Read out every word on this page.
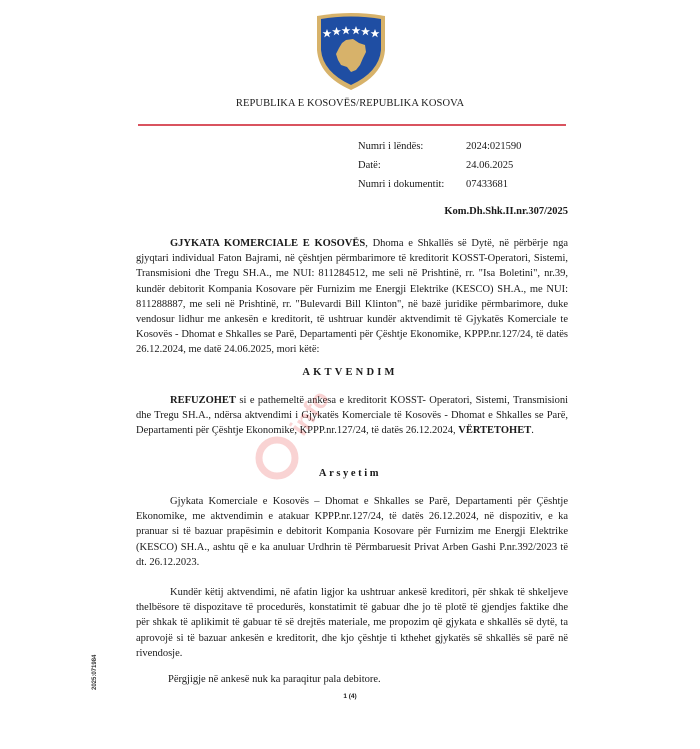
REPUBLIKA E KOSOVËS/REPUBLIKA KOSOVA
Numri i lëndës:	2024:021590
Datë:	24.06.2025
Numri i dokumentit:	07433681
Kom.Dh.Shk.II.nr.307/2025
GJYKATA KOMERCIALE E KOSOVËS, Dhoma e Shkallës së Dytë, në përbërje nga gjyqtari individual Faton Bajrami, në çështjen përmbarimore të kreditorit KOSST-Operatori, Sistemi, Transmisioni dhe Tregu SH.A., me NUI: 811284512, me seli në Prishtinë, rr. "Isa Boletini", nr.39, kundër debitorit Kompania Kosovare për Furnizim me Energji Elektrike (KESCO) SH.A., me NUI: 811288887, me seli në Prishtinë, rr. "Bulevardi Bill Klinton", në bazë juridike përmbarimore, duke vendosur lidhur me ankesën e kreditorit, të ushtruar kundër aktvendimit të Gjykatës Komerciale te Kosovës - Dhomat e Shkalles se Parë, Departamenti për Çështje Ekonomike, KPPP.nr.127/24, të datës 26.12.2024, me datë 24.06.2025, mori këtë:
AKTVENDIM
REFUZOHET si e pathemeltë ankesa e kreditorit KOSST- Operatori, Sistemi, Transmisioni dhe Tregu SH.A., ndërsa aktvendimi i Gjykatës Komerciale të Kosovës - Dhomat e Shkalles se Parë, Departamenti për Çështje Ekonomike, KPPP.nr.127/24, të datës 26.12.2024, VËRTETOHET.
Arsyetim
Gjykata Komerciale e Kosovës – Dhomat e Shkalles se Parë, Departamenti për Çështje Ekonomike, me aktvendimin e atakuar KPPP.nr.127/24, të datës 26.12.2024, në dispozitiv, e ka pranuar si të bazuar prapësimin e debitorit Kompania Kosovare për Furnizim me Energji Elektrike (KESCO) SH.A., ashtu që e ka anuluar Urdhrin të Përmbaruesit Privat Arben Gashi P.nr.392/2023 të dt. 26.12.2023.
Kundër këtij aktvendimi, në afatin ligjor ka ushtruar ankesë kreditori, për shkak të shkeljeve thelbësore të dispozitave të procedurës, konstatimit të gabuar dhe jo të plotë të gjendjes faktike dhe për shkak të aplikimit të gabuar të së drejtës materiale, me propozim që gjykata e shkallës së dytë, ta aprovojë si të bazuar ankesën e kreditorit, dhe kjo çështje ti kthehet gjykatës së shkallës së parë në rivendosje.
Përgjigje në ankesë nuk ka paraqitur pala debitore.
1 (4)
2025:071984
info
